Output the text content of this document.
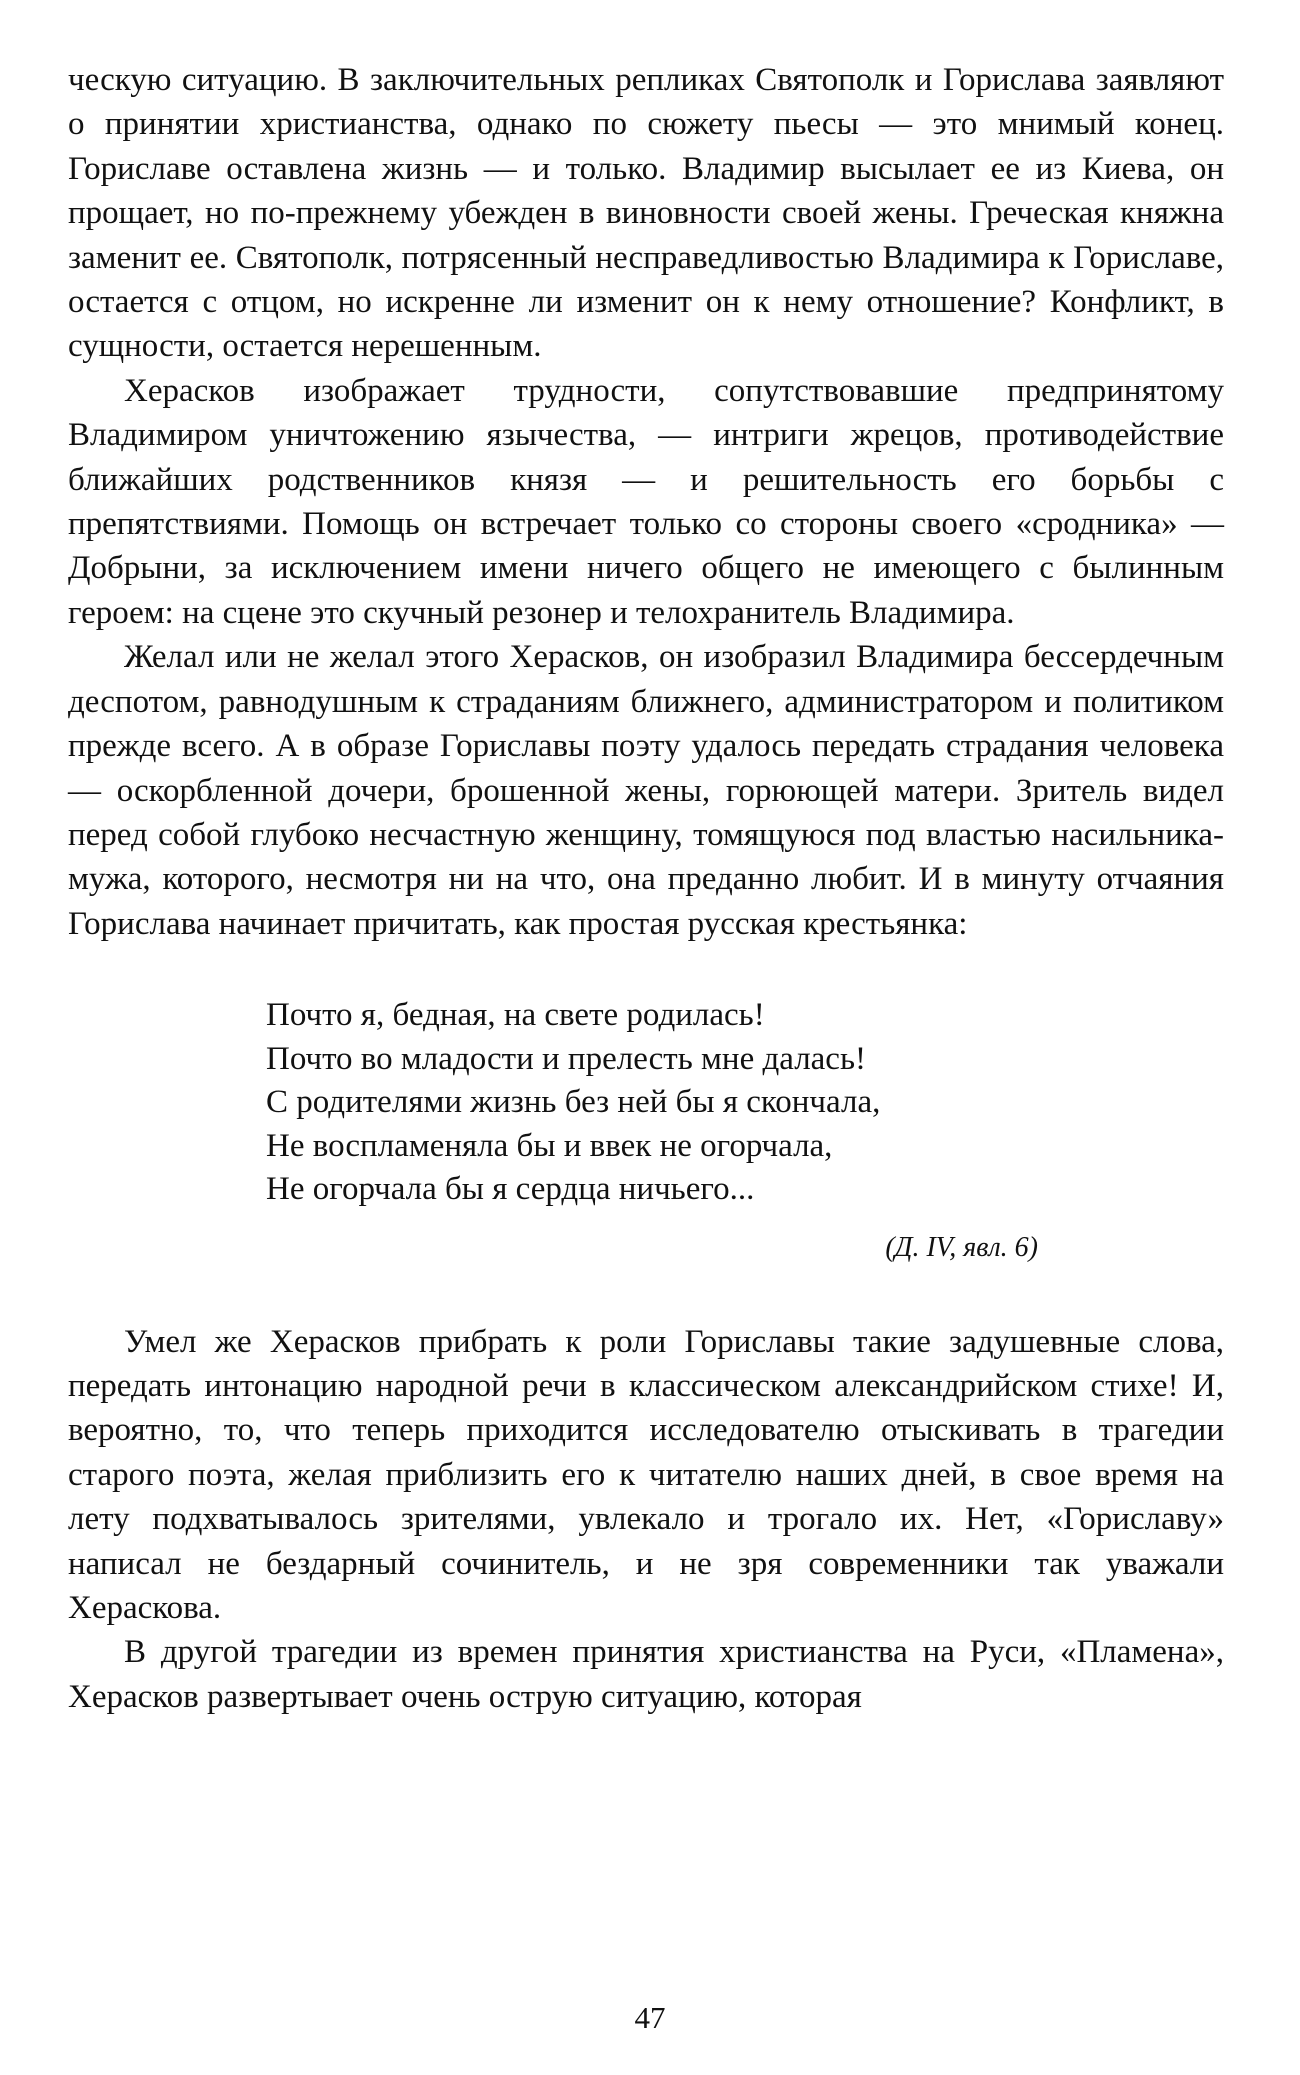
ческую ситуацию. В заключительных репликах Святополк и Горислава заявляют о принятии христианства, однако по сюжету пьесы — это мнимый конец. Гориславе оставлена жизнь — и только. Владимир высылает ее из Киева, он прощает, но по-прежнему убежден в виновности своей жены. Греческая княжна заменит ее. Святополк, потрясенный несправедливостью Владимира к Гориславе, остается с отцом, но искренне ли изменит он к нему отношение? Конфликт, в сущности, остается нерешенным.

Херасков изображает трудности, сопутствовавшие предпринятому Владимиром уничтожению язычества, — интриги жрецов, противодействие ближайших родственников князя — и решительность его борьбы с препятствиями. Помощь он встречает только со стороны своего «сродника» — Добрыни, за исключением имени ничего общего не имеющего с былинным героем: на сцене это скучный резонер и телохранитель Владимира.

Желал или не желал этого Херасков, он изобразил Владимира бессердечным деспотом, равнодушным к страданиям ближнего, администратором и политиком прежде всего. А в образе Гориславы поэту удалось передать страдания человека — оскорбленной дочери, брошенной жены, горюющей матери. Зритель видел перед собой глубоко несчастную женщину, томящуюся под властью насильника-мужа, которого, несмотря ни на что, она преданно любит. И в минуту отчаяния Горислава начинает причитать, как простая русская крестьянка:

Почто я, бедная, на свете родилась!
Почто во младости и прелесть мне далась!
С родителями жизнь без ней бы я скончала,
Не воспламеняла бы и ввек не огорчала,
Не огорчала бы я сердца ничьего...

(Д. IV, явл. 6)

Умел же Херасков прибрать к роли Гориславы такие задушевные слова, передать интонацию народной речи в классическом александрийском стихе! И, вероятно, то, что теперь приходится исследователю отыскивать в трагедии старого поэта, желая приблизить его к читателю наших дней, в свое время на лету подхватывалось зрителями, увлекало и трогало их. Нет, «Гориславу» написал не бездарный сочинитель, и не зря современники так уважали Хераскова.

В другой трагедии из времен принятия христианства на Руси, «Пламена», Херасков развертывает очень острую ситуацию, которая

47
